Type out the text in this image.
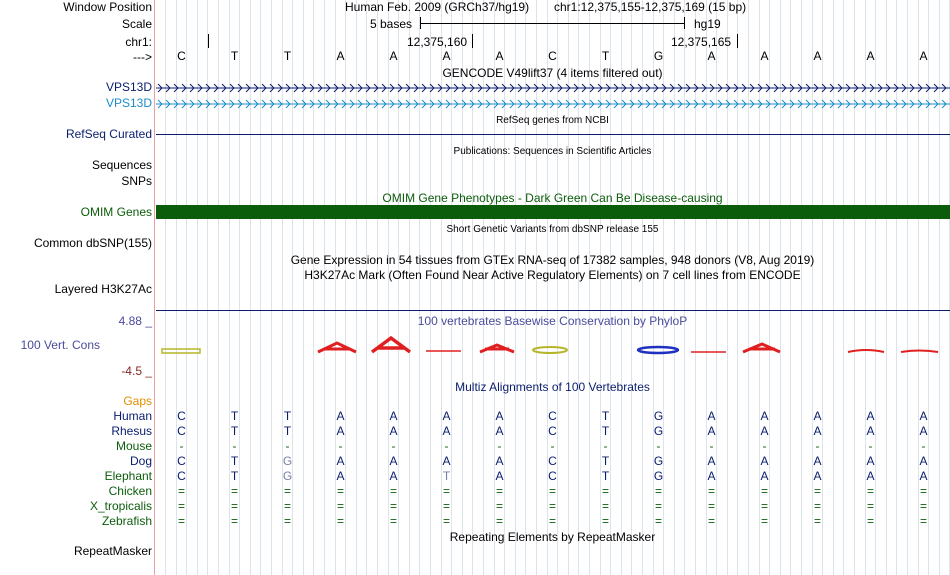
Window Position	Human Feb. 2009 (GRCh37/hg19) chr1:12,375,155-12,375,169 (15 bp)
Scale	5 bases	hg19
chr1:	12,375,160	12,375,165
--->	C	T	T	A	A	A	A	C	T	G	A	A	A	A	A
GENCODE V49lift37 (4 items filtered out)
VPS13D
VPS13D
RefSeq genes from NCBI
RefSeq Curated
Publications: Sequences in Scientific Articles
Sequences
SNPs
OMIM Gene Phenotypes - Dark Green Can Be Disease-causing
OMIM Genes
Short Genetic Variants from dbSNP release 155
Common dbSNP(155)
Gene Expression in 54 tissues from GTEx RNA-seq of 17382 samples, 948 donors (V8, Aug 2019)
H3K27Ac Mark (Often Found Near Active Regulatory Elements) on 7 cell lines from ENCODE
Layered H3K27Ac
4.88 _	100 vertebrates Basewise Conservation by PhyloP
100 Vert. Cons
-4.5 _
Multiz Alignments of 100 Vertebrates
Gaps
Human	C	T	T	A	A	A	A	C	T	G	A	A	A	A	A
Rhesus	C	T	T	A	A	A	A	C	T	G	A	A	A	A	A
Mouse	-	-	-	-	-	-	-	-	-	-	-	-	-	-	-
Dog	C	T	G	A	A	A	A	C	T	G	A	A	A	A	A
Elephant	C	T	G	A	A	T	A	C	T	G	A	A	A	A	A
Chicken	=	=	=	=	=	=	=	=	=	=	=	=	=	=	=
X_tropicalis	=	=	=	=	=	=	=	=	=	=	=	=	=	=	=
Zebrafish	=	=	=	=	=	=	=	=	=	=	=	=	=	=	=
Repeating Elements by RepeatMasker
RepeatMasker
